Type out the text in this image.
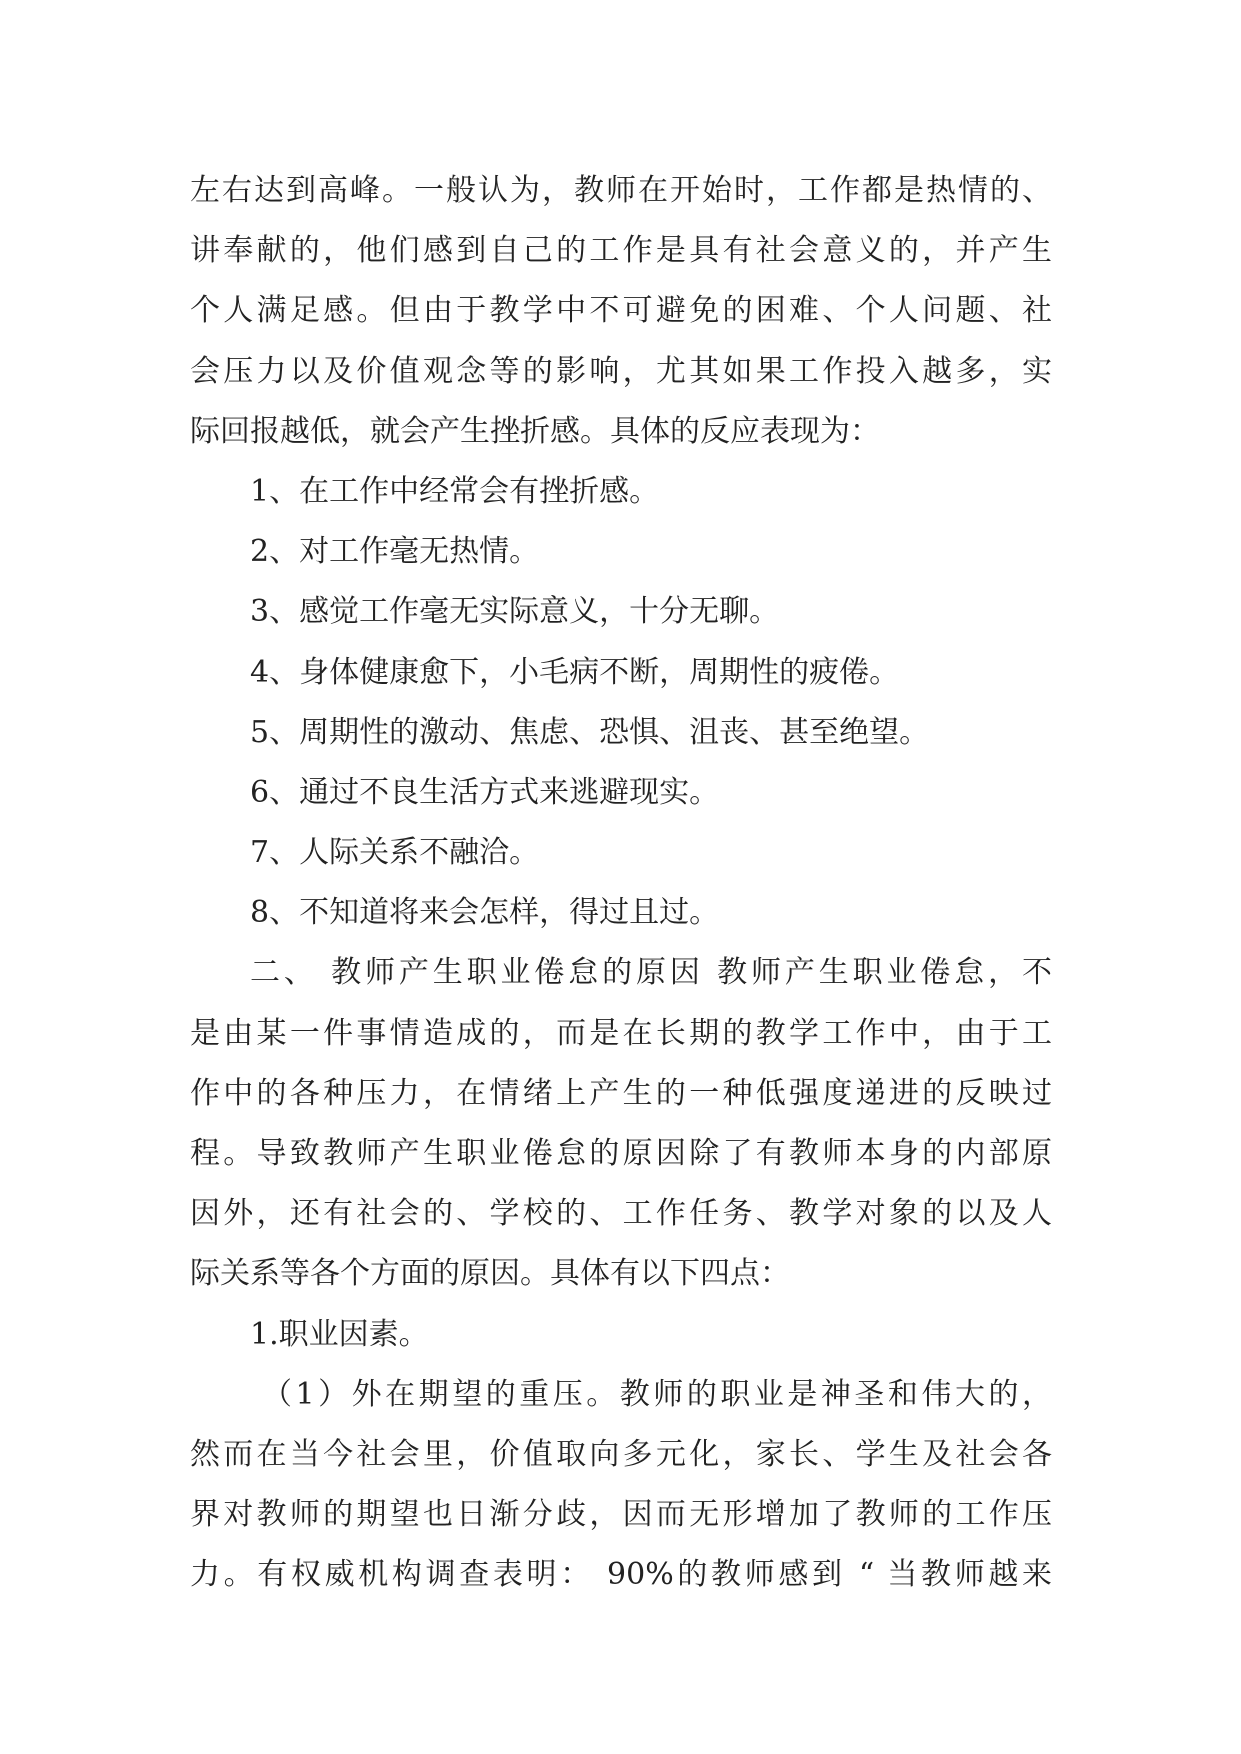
左右达到高峰。一般认为，教师在开始时，工作都是热情的、
讲奉献的，他们感到自己的工作是具有社会意义的，并产生
个人满足感。但由于教学中不可避免的困难、个人问题、社
会压力以及价值观念等的影响，尤其如果工作投入越多，实
际回报越低，就会产生挫折感。具体的反应表现为：
1、在工作中经常会有挫折感。
2、对工作毫无热情。
3、感觉工作毫无实际意义，十分无聊。
4、身体健康愈下，小毛病不断，周期性的疲倦。
5、周期性的激动、焦虑、恐惧、沮丧、甚至绝望。
6、通过不良生活方式来逃避现实。
7、人际关系不融洽。
8、不知道将来会怎样，得过且过。
二、 教师产生职业倦怠的原因 教师产生职业倦怠，不
是由某一件事情造成的，而是在长期的教学工作中，由于工
作中的各种压力，在情绪上产生的一种低强度递进的反映过
程。导致教师产生职业倦怠的原因除了有教师本身的内部原
因外，还有社会的、学校的、工作任务、教学对象的以及人
际关系等各个方面的原因。具体有以下四点：
1.职业因素。
（1）外在期望的重压。教师的职业是神圣和伟大的，
然而在当今社会里，价值取向多元化，家长、学生及社会各
界对教师的期望也日渐分歧，因而无形增加了教师的工作压
力。有权威机构调查表明： 90%的教师感到 “ 当教师越来
